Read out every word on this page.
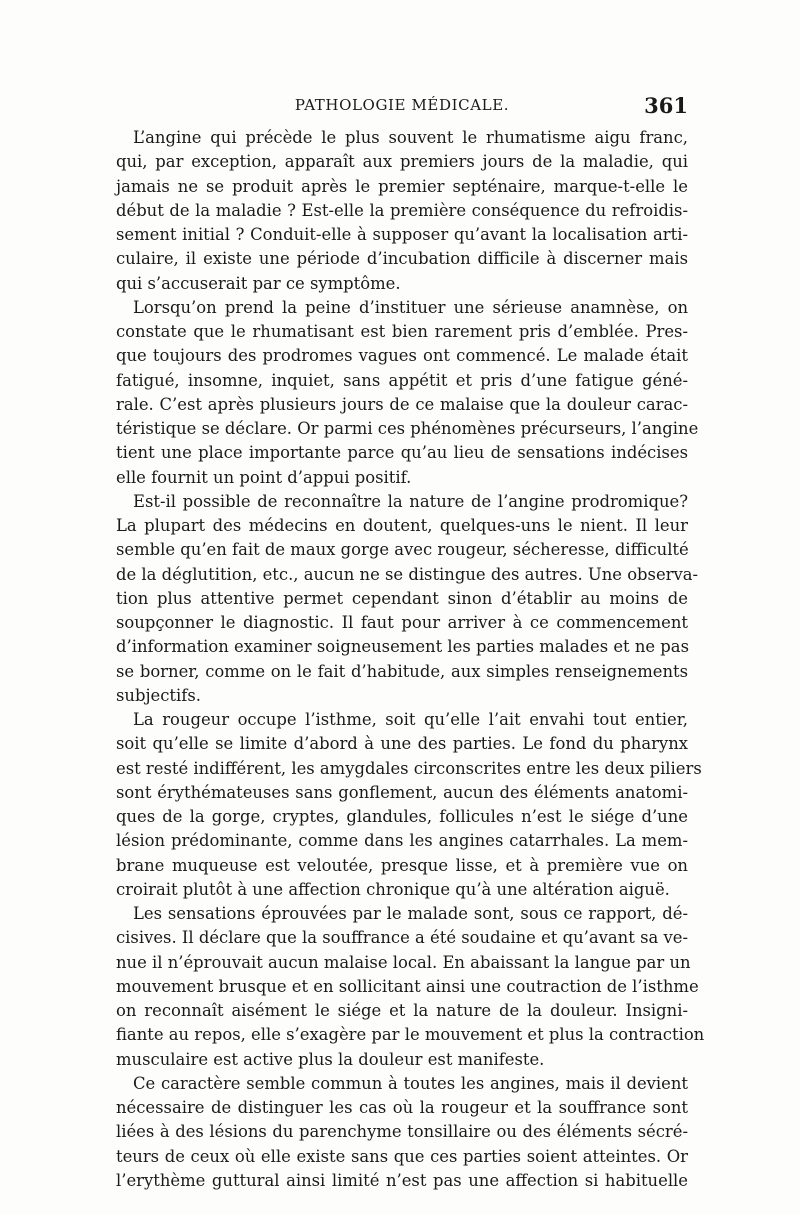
PATHOLOGIE MÉDICALE.	361
L’angine qui précède le plus souvent le rhumatisme aigu franc,
qui, par exception, apparaît aux premiers jours de la maladie, qui
jamais ne se produit après le premier septénaire, marque-t-elle le
début de la maladie ? Est-elle la première conséquence du refroidis-
sement initial ? Conduit-elle à supposer qu’avant la localisation arti-
culaire, il existe une période d’incubation difficile à discerner mais
qui s’accuserait par ce symptôme.
Lorsqu’on prend la peine d’instituer une sérieuse anamnèse, on
constate que le rhumatisant est bien rarement pris d’emblée. Pres-
que toujours des prodromes vagues ont commencé. Le malade était
fatigué, insomne, inquiet, sans appétit et pris d’une fatigue géné-
rale. C’est après plusieurs jours de ce malaise que la douleur carac-
téristique se déclare. Or parmi ces phénomènes précurseurs, l’angine
tient une place importante parce qu’au lieu de sensations indécises
elle fournit un point d’appui positif.
Est-il possible de reconnaître la nature de l’angine prodromique?
La plupart des médecins en doutent, quelques-uns le nient. Il leur
semble qu’en fait de maux gorge avec rougeur, sécheresse, difficulté
de la déglutition, etc., aucun ne se distingue des autres. Une observa-
tion plus attentive permet cependant sinon d’établir au moins de
soupçonner le diagnostic. Il faut pour arriver à ce commencement
d’information examiner soigneusement les parties malades et ne pas
se borner, comme on le fait d’habitude, aux simples renseignements
subjectifs.
La rougeur occupe l’isthme, soit qu’elle l’ait envahi tout entier,
soit qu’elle se limite d’abord à une des parties. Le fond du pharynx
est resté indifférent, les amygdales circonscrites entre les deux piliers
sont érythémateuses sans gonflement, aucun des éléments anatomi-
ques de la gorge, cryptes, glandules, follicules n’est le siége d’une
lésion prédominante, comme dans les angines catarrhales. La mem-
brane muqueuse est veloutée, presque lisse, et à première vue on
croirait plutôt à une affection chronique qu’à une altération aiguë.
Les sensations éprouvées par le malade sont, sous ce rapport, dé-
cisives. Il déclare que la souffrance a été soudaine et qu’avant sa ve-
nue il n’éprouvait aucun malaise local. En abaissant la langue par un
mouvement brusque et en sollicitant ainsi une coutraction de l’isthme
on reconnaît aisément le siége et la nature de la douleur. Insigni-
fiante au repos, elle s’exagère par le mouvement et plus la contraction
musculaire est active plus la douleur est manifeste.
Ce caractère semble commun à toutes les angines, mais il devient
nécessaire de distinguer les cas où la rougeur et la souffrance sont
liées à des lésions du parenchyme tonsillaire ou des éléments sécré-
teurs de ceux où elle existe sans que ces parties soient atteintes. Or
l’erythème guttural ainsi limité n’est pas une affection si habituelle
